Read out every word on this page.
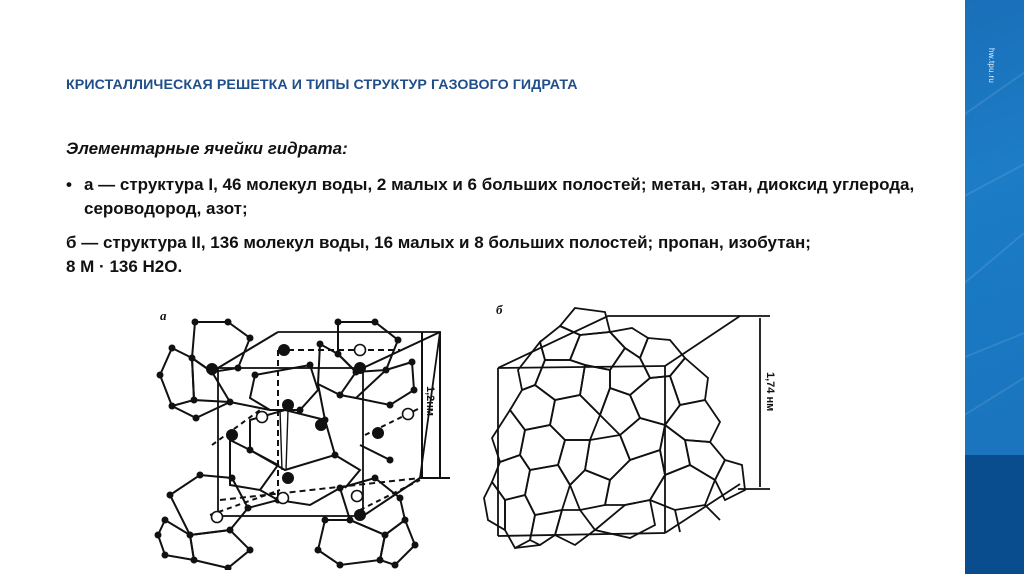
hw.tpu.ru
КРИСТАЛЛИЧЕСКАЯ РЕШЕТКА И ТИПЫ СТРУКТУР ГАЗОВОГО ГИДРАТА
Элементарные ячейки гидрата:
• а — структура I, 46 молекул воды, 2 малых и 6 больших полостей; метан, этан, диоксид углерода, сероводород, азот;
б — структура II, 136 молекул воды, 16 малых и 8 больших полостей; пропан, изобутан;
8 M · 136 H2O.
а
1,2нм
б
1,74 нм
